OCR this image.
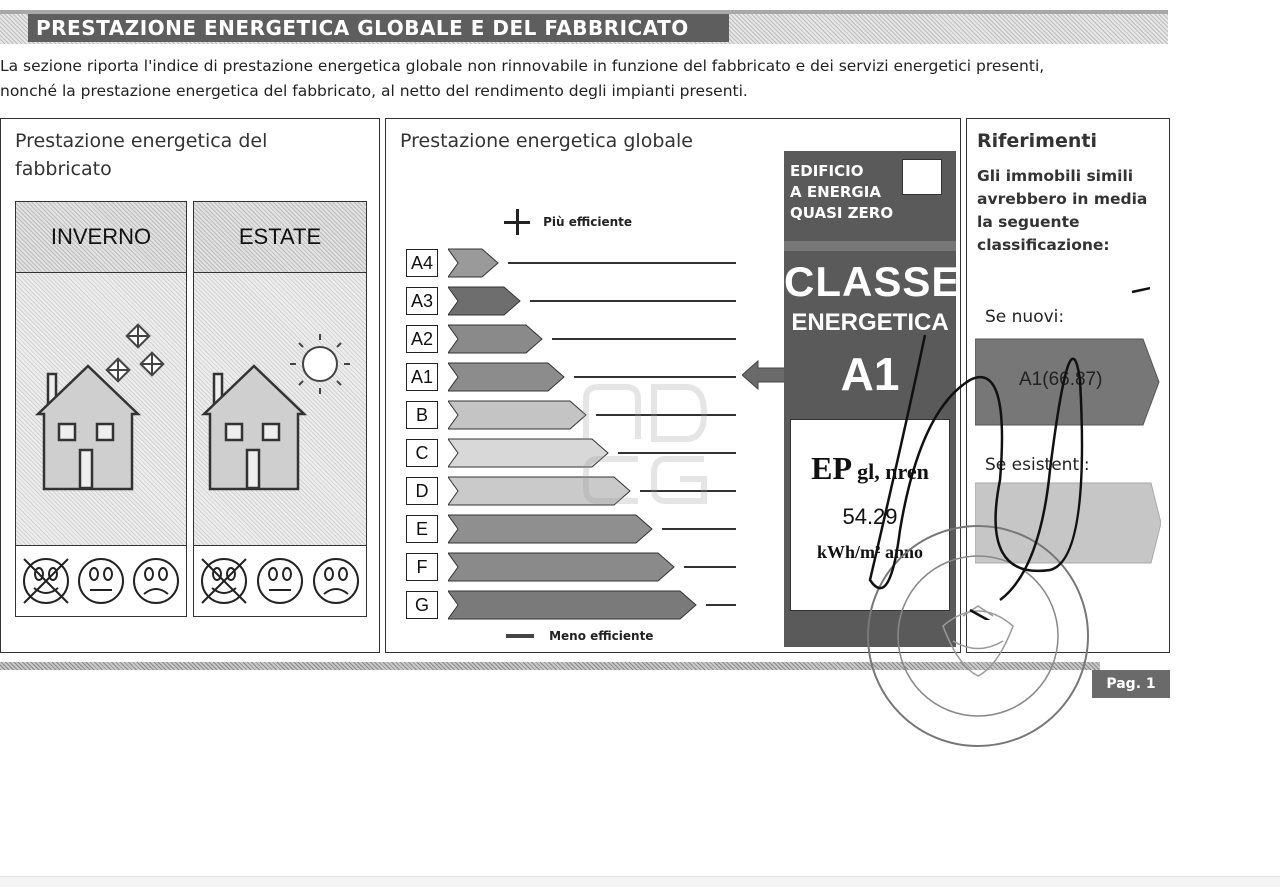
PRESTAZIONE ENERGETICA GLOBALE E DEL FABBRICATO
La sezione riporta l'indice di prestazione energetica globale non rinnovabile in funzione del fabbricato e dei servizi energetici presenti,
nonché la prestazione energetica del fabbricato, al netto del rendimento degli impianti presenti.
Prestazione energetica del
fabbricato
INVERNO	ESTATE
Prestazione energetica globale
Più efficiente
A4
A3
A2
A1
B
C
D
E
F
G
Meno efficiente
EDIFICIO
A ENERGIA
QUASI ZERO
CLASSE
ENERGETICA
A1
EP gl, nren
54.29
kWh/m² anno
Riferimenti
Gli immobili simili
avrebbero in media
la seguente
classificazione:
Se nuovi:
A1(66.87)
Se esistenti:
Pag. 1
